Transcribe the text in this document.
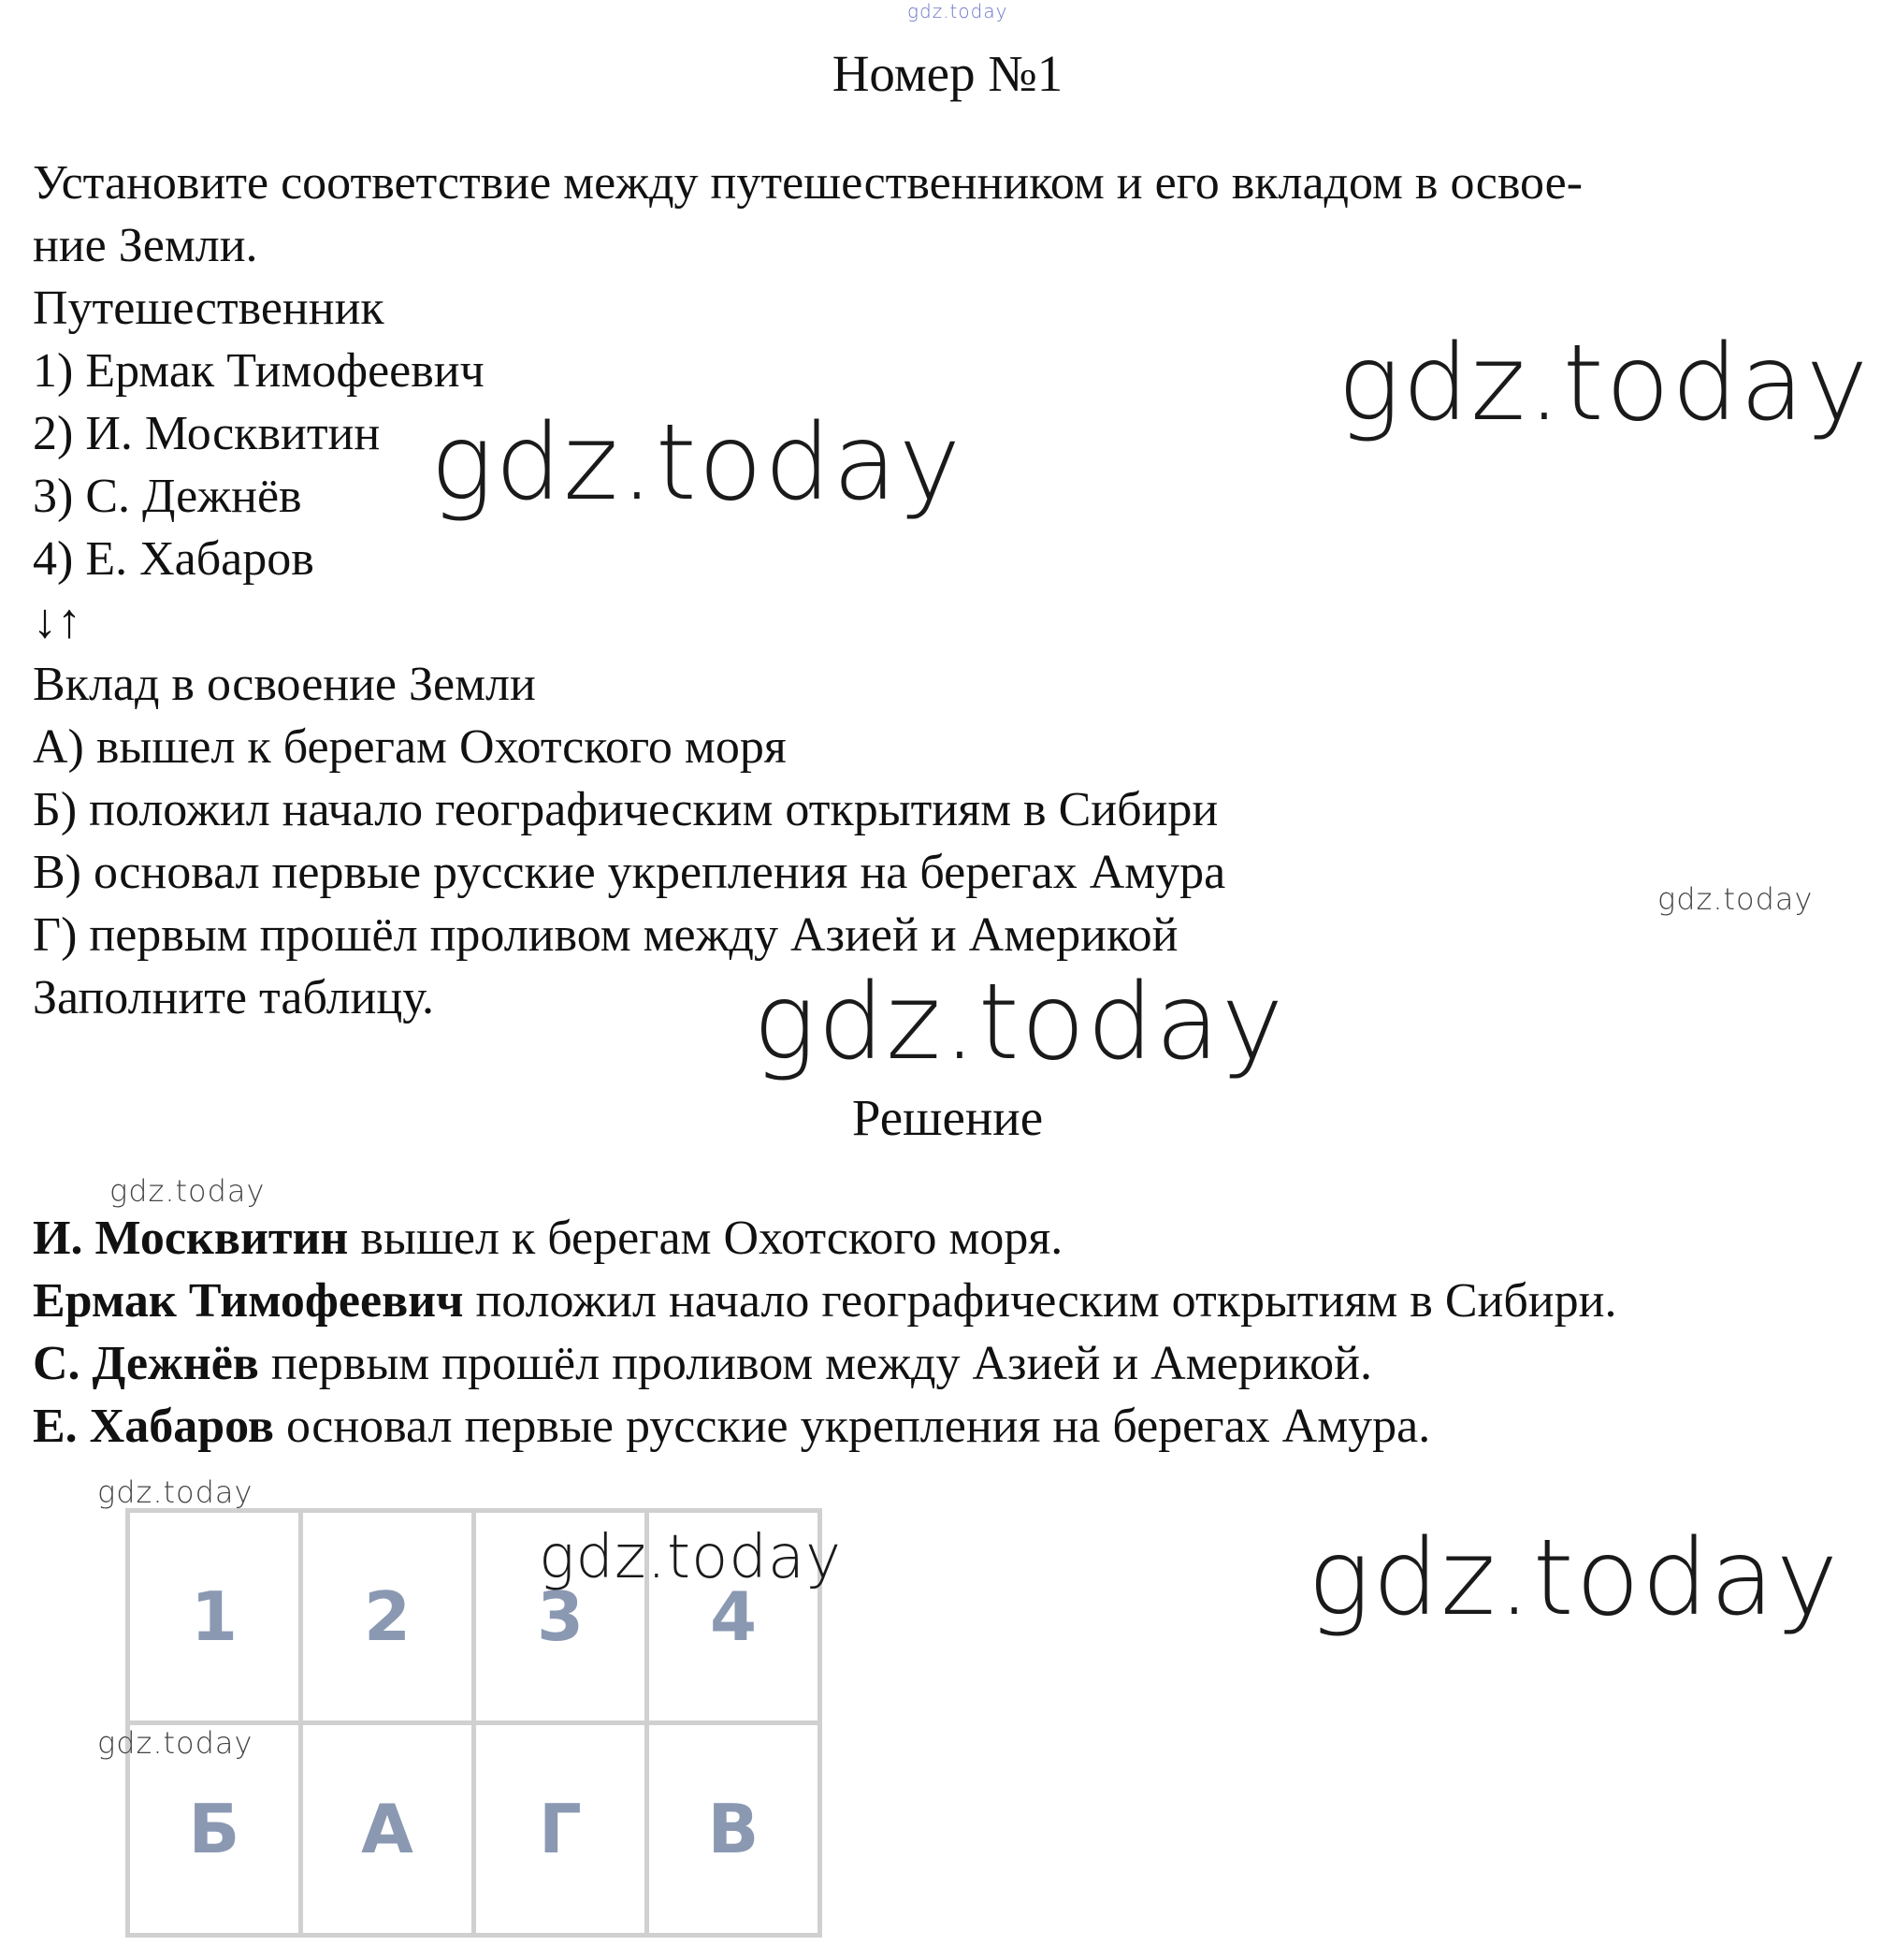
Номер №1
Установите соответствие между путешественником и его вкладом в освое-
ние Земли.
Путешественник
1) Ермак Тимофеевич
2) И. Москвитин
3) С. Дежнёв
4) Е. Хабаров
↓↑
Вклад в освоение Земли
А) вышел к берегам Охотского моря
Б) положил начало географическим открытиям в Сибири
В) основал первые русские укрепления на берегах Амура
Г) первым прошёл проливом между Азией и Америкой
Заполните таблицу.
Решение
И. Москвитин вышел к берегам Охотского моря.
Ермак Тимофеевич положил начало географическим открытиям в Сибири.
С. Дежнёв первым прошёл проливом между Азией и Америкой.
Е. Хабаров основал первые русские укрепления на берегах Амура.
1	2	3	4
Б	А	Г	В
gdz.today
gdz.today
gdz.today
gdz.today
gdz.today
gdz.today
gdz.today
gdz.today	gdz.today
gdz.today
